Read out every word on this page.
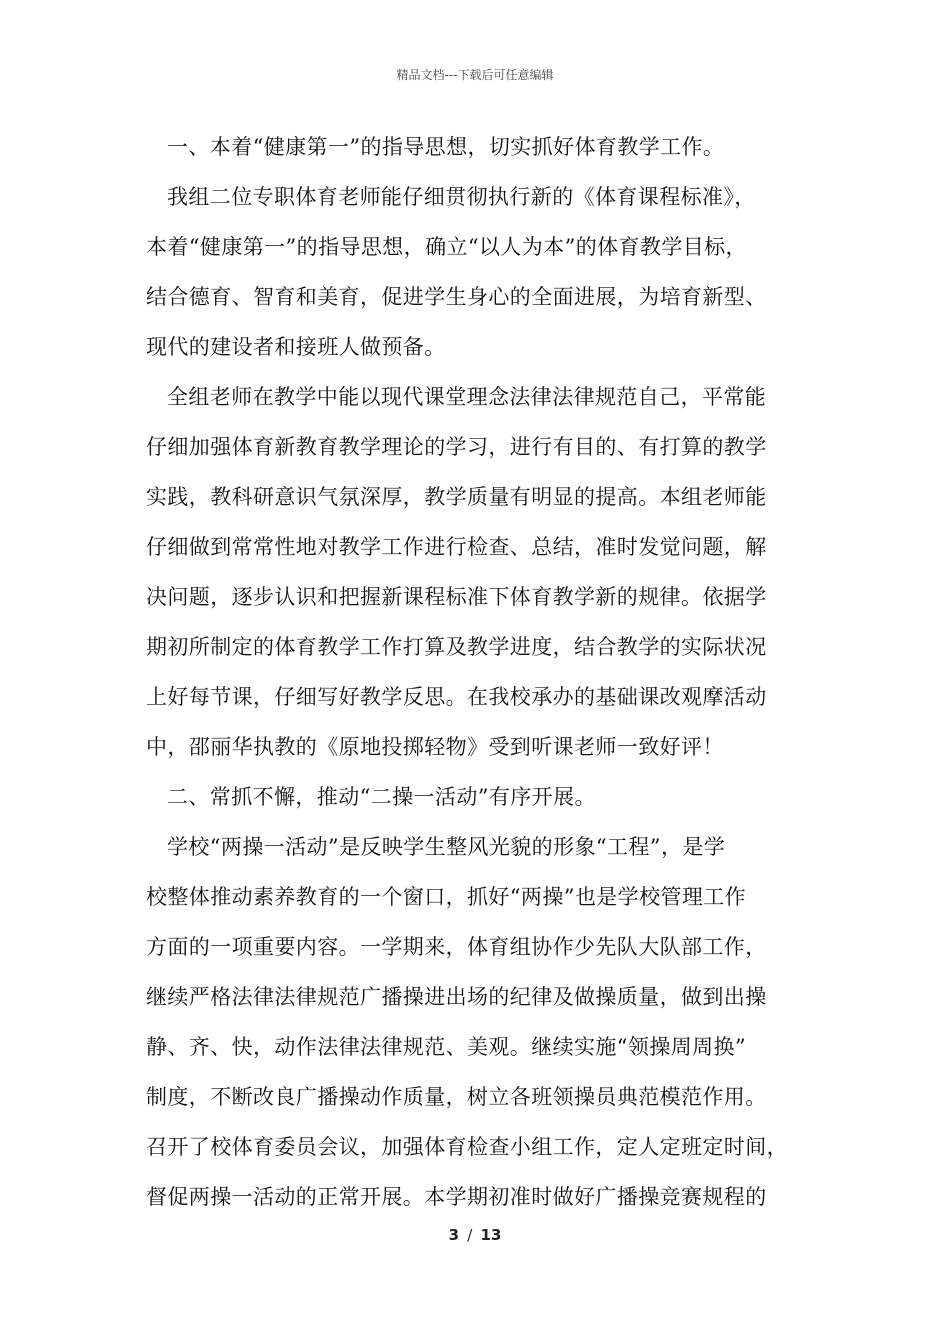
精品文档---下载后可任意编辑
一、本着“健康第一”的指导思想，切实抓好体育教学工作。
我组二位专职体育老师能仔细贯彻执行新的《体育课程标准》，
本着“健康第一”的指导思想，确立“以人为本”的体育教学目标，
结合德育、智育和美育，促进学生身心的全面进展，为培育新型、
现代的建设者和接班人做预备。
全组老师在教学中能以现代课堂理念法律法律规范自己，平常能
仔细加强体育新教育教学理论的学习，进行有目的、有打算的教学
实践，教科研意识气氛深厚，教学质量有明显的提高。本组老师能
仔细做到常常性地对教学工作进行检查、总结，准时发觉问题，解
决问题，逐步认识和把握新课程标准下体育教学新的规律。依据学
期初所制定的体育教学工作打算及教学进度，结合教学的实际状况
上好每节课，仔细写好教学反思。在我校承办的基础课改观摩活动
中，邵丽华执教的《原地投掷轻物》受到听课老师一致好评！
二、常抓不懈，推动“二操一活动”有序开展。
学校“两操一活动”是反映学生整风光貌的形象“工程”，是学
校整体推动素养教育的一个窗口，抓好“两操”也是学校管理工作
方面的一项重要内容。一学期来，体育组协作少先队大队部工作，
继续严格法律法律规范广播操进出场的纪律及做操质量，做到出操
静、齐、快，动作法律法律规范、美观。继续实施“领操周周换”
制度，不断改良广播操动作质量，树立各班领操员典范模范作用。
召开了校体育委员会议，加强体育检查小组工作，定人定班定时间，
督促两操一活动的正常开展。本学期初准时做好广播操竞赛规程的
3 / 13
